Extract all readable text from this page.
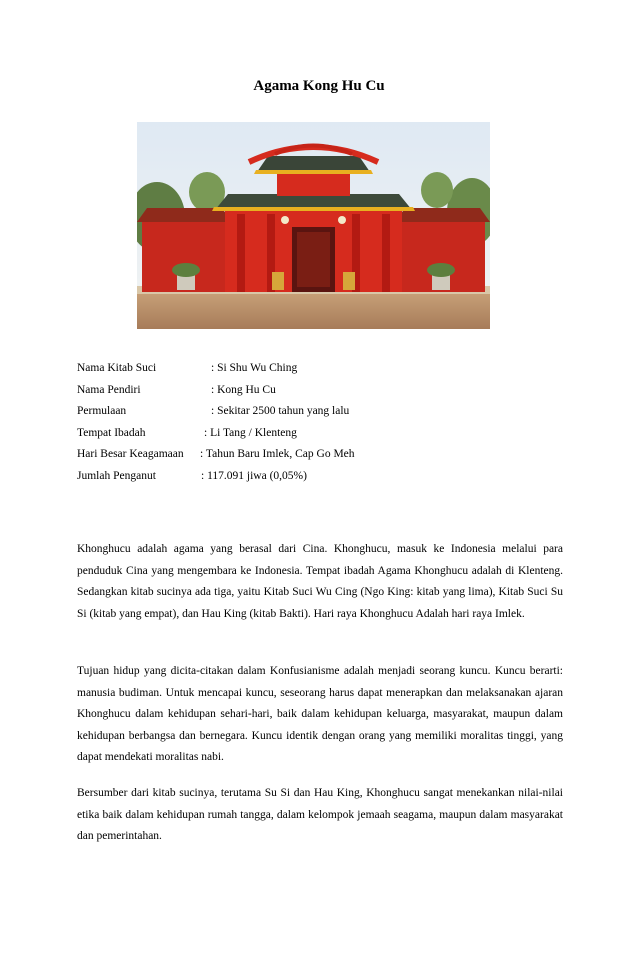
Agama Kong Hu Cu
Nama Kitab Suci	: Si Shu Wu Ching
Nama Pendiri	: Kong Hu Cu
Permulaan	: Sekitar 2500 tahun yang lalu
Tempat Ibadah	: Li Tang / Klenteng
Hari Besar Keagamaan : Tahun Baru Imlek, Cap Go Meh
Jumlah Penganut	: 117.091 jiwa (0,05%)

Khonghucu adalah agama yang berasal dari Cina. Khonghucu, masuk ke Indonesia melalui para penduduk Cina yang mengembara ke Indonesia. Tempat ibadah Agama Khonghucu adalah di Klenteng. Sedangkan kitab sucinya ada tiga, yaitu Kitab Suci Wu Cing (Ngo King: kitab yang lima), Kitab Suci Su Si (kitab yang empat), dan Hau King (kitab Bakti). Hari raya Khonghucu Adalah hari raya Imlek.

Tujuan hidup yang dicita-citakan dalam Konfusianisme adalah menjadi seorang kuncu. Kuncu berarti: manusia budiman. Untuk mencapai kuncu, seseorang harus dapat menerapkan dan melaksanakan ajaran Khonghucu dalam kehidupan sehari-hari, baik dalam kehidupan keluarga, masyarakat, maupun dalam kehidupan berbangsa dan bernegara. Kuncu identik dengan orang yang memiliki moralitas tinggi, yang dapat mendekati moralitas nabi.

Bersumber dari kitab sucinya, terutama Su Si dan Hau King, Khonghucu sangat menekankan nilai-nilai etika baik dalam kehidupan rumah tangga, dalam kelompok jemaah seagama, maupun dalam masyarakat dan pemerintahan.
